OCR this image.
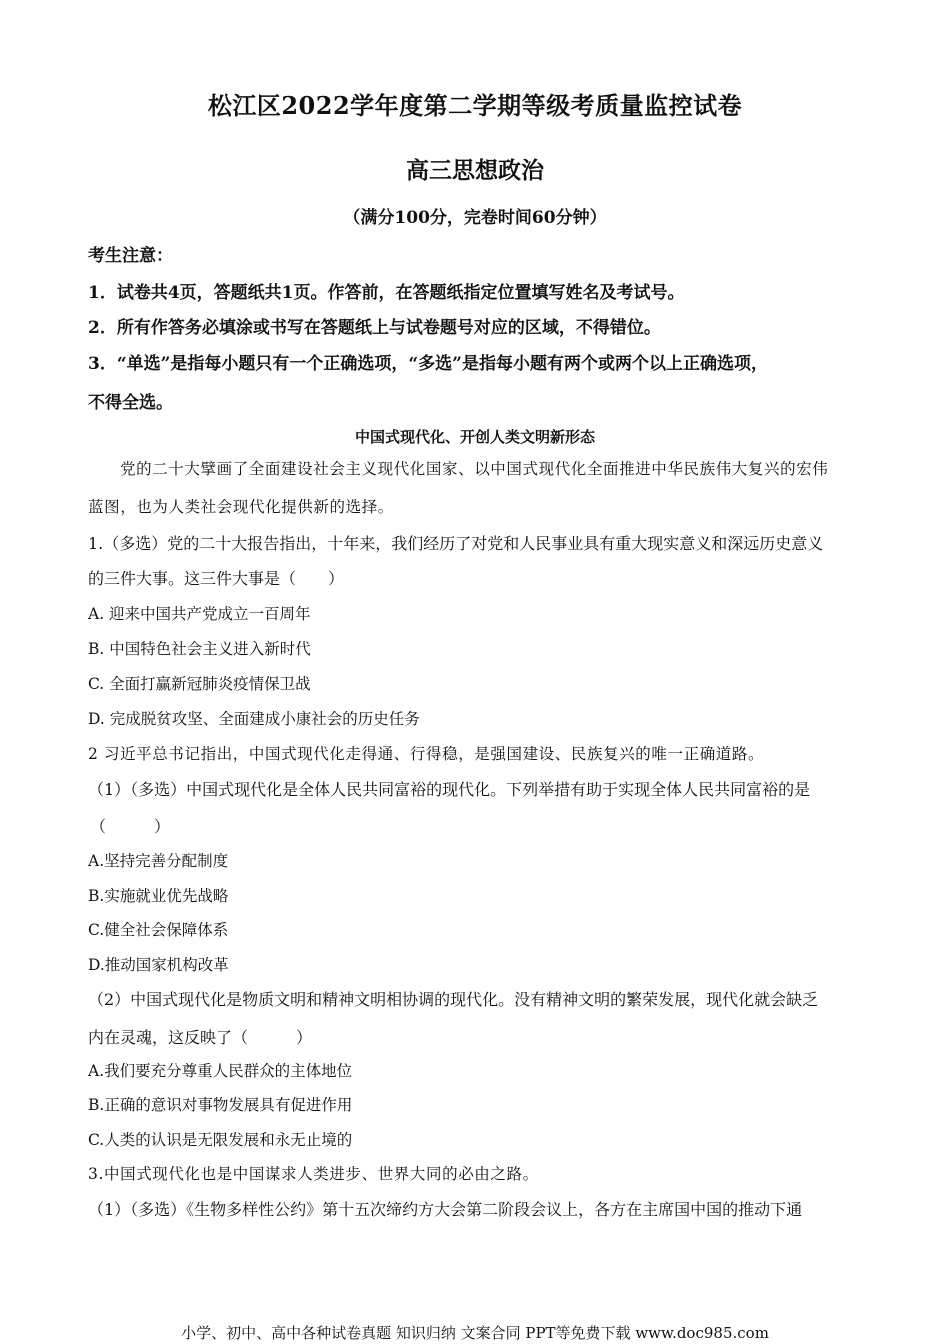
松江区2022学年度第二学期等级考质量监控试卷
高三思想政治
（满分100分，完卷时间60分钟）
考生注意：
1．试卷共4页，答题纸共1页。作答前，在答题纸指定位置填写姓名及考试号。
2．所有作答务必填涂或书写在答题纸上与试卷题号对应的区域，不得错位。
3．“单选”是指每小题只有一个正确选项，“多选”是指每小题有两个或两个以上正确选项，
不得全选。
中国式现代化、开创人类文明新形态
党的二十大擘画了全面建设社会主义现代化国家、以中国式现代化全面推进中华民族伟大复兴的宏伟
蓝图，也为人类社会现代化提供新的选择。
1.（多选）党的二十大报告指出，十年来，我们经历了对党和人民事业具有重大现实意义和深远历史意义
的三件大事。这三件大事是（　　）
A. 迎来中国共产党成立一百周年
B. 中国特色社会主义进入新时代
C. 全面打赢新冠肺炎疫情保卫战
D. 完成脱贫攻坚、全面建成小康社会的历史任务
2 习近平总书记指出，中国式现代化走得通、行得稳，是强国建设、民族复兴的唯一正确道路。
（1）（多选）中国式现代化是全体人民共同富裕的现代化。下列举措有助于实现全体人民共同富裕的是
（　　　）
A.坚持完善分配制度
B.实施就业优先战略
C.健全社会保障体系
D.推动国家机构改革
（2）中国式现代化是物质文明和精神文明相协调的现代化。没有精神文明的繁荣发展，现代化就会缺乏
内在灵魂，这反映了（　　　）
A.我们要充分尊重人民群众的主体地位
B.正确的意识对事物发展具有促进作用
C.人类的认识是无限发展和永无止境的
3.中国式现代化也是中国谋求人类进步、世界大同的必由之路。
（1）（多选）《生物多样性公约》第十五次缔约方大会第二阶段会议上，各方在主席国中国的推动下通
小学、初中、高中各种试卷真题 知识归纳 文案合同 PPT等免费下载 www.doc985.com
